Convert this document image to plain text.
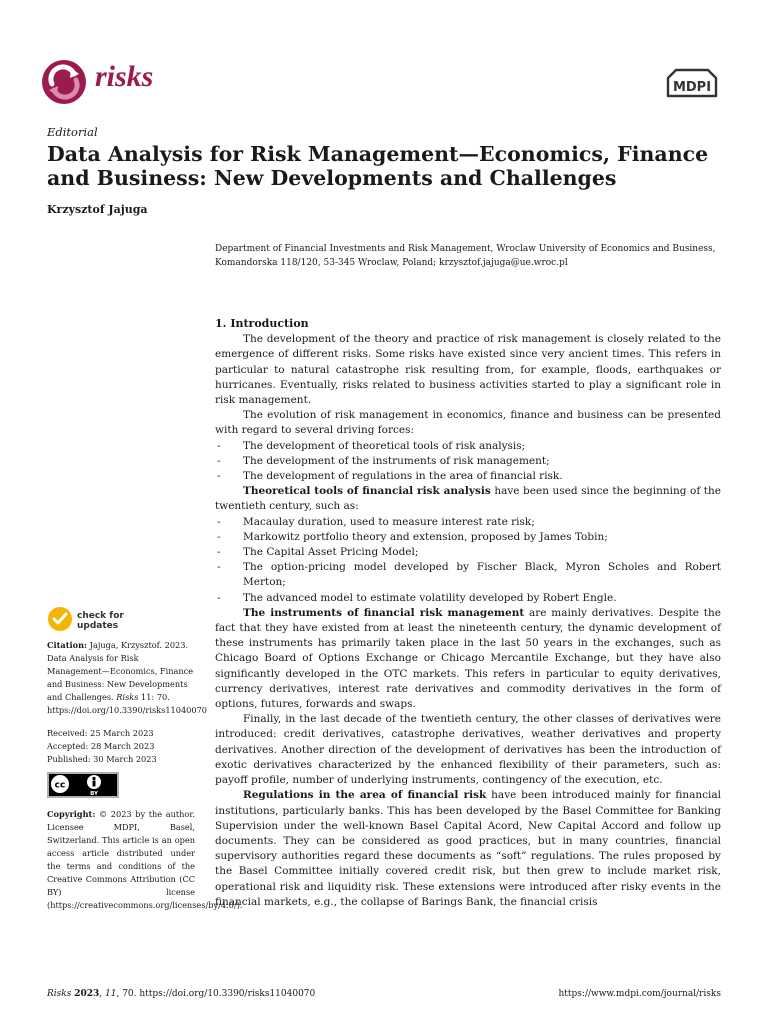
risks	MDPI
Editorial
Data Analysis for Risk Management—Economics, Finance and Business: New Developments and Challenges
Krzysztof Jajuga
Department of Financial Investments and Risk Management, Wroclaw University of Economics and Business, Komandorska 118/120, 53-345 Wroclaw, Poland; krzysztof.jajuga@ue.wroc.pl
check for
updates

Citation: Jajuga, Krzysztof. 2023. Data Analysis for Risk Management—Economics, Finance and Business: New Developments and Challenges. Risks 11: 70. https://doi.org/10.3390/risks11040070

Received: 25 March 2023

Accepted: 28 March 2023

Published: 30 March 2023

cc
BY

Copyright: © 2023 by the author. Licensee MDPI, Basel, Switzerland. This article is an open access article distributed under the terms and conditions of the Creative Commons Attribution (CC BY) license (https://creativecommons.org/licenses/by/4.0/).

1. Introduction

The development of the theory and practice of risk management is closely related to the emergence of different risks. Some risks have existed since very ancient times. This refers in particular to natural catastrophe risk resulting from, for example, floods, earthquakes or hurricanes. Eventually, risks related to business activities started to play a significant role in risk management.

The evolution of risk management in economics, finance and business can be presented with regard to several driving forces:

- The development of theoretical tools of risk analysis;
- The development of the instruments of risk management;
- The development of regulations in the area of financial risk.

Theoretical tools of financial risk analysis have been used since the beginning of the twentieth century, such as:

- Macaulay duration, used to measure interest rate risk;
- Markowitz portfolio theory and extension, proposed by James Tobin;
- The Capital Asset Pricing Model;
- The option-pricing model developed by Fischer Black, Myron Scholes and Robert Merton;
- The advanced model to estimate volatility developed by Robert Engle.

The instruments of financial risk management are mainly derivatives. Despite the fact that they have existed from at least the nineteenth century, the dynamic development of these instruments has primarily taken place in the last 50 years in the exchanges, such as Chicago Board of Options Exchange or Chicago Mercantile Exchange, but they have also significantly developed in the OTC markets. This refers in particular to equity derivatives, currency derivatives, interest rate derivatives and commodity derivatives in the form of options, futures, forwards and swaps.

Finally, in the last decade of the twentieth century, the other classes of derivatives were introduced: credit derivatives, catastrophe derivatives, weather derivatives and property derivatives. Another direction of the development of derivatives has been the introduction of exotic derivatives characterized by the enhanced flexibility of their parameters, such as: payoff profile, number of underlying instruments, contingency of the execution, etc.

Regulations in the area of financial risk have been introduced mainly for financial institutions, particularly banks. This has been developed by the Basel Committee for Banking Supervision under the well-known Basel Capital Acord, New Capital Accord and follow up documents. They can be considered as good practices, but in many countries, financial supervisory authorities regard these documents as “soft” regulations. The rules proposed by the Basel Committee initially covered credit risk, but then grew to include market risk, operational risk and liquidity risk. These extensions were introduced after risky events in the financial markets, e.g., the collapse of Barings Bank, the financial crisis

Risks 2023, 11, 70. https://doi.org/10.3390/risks11040070	https://www.mdpi.com/journal/risks
